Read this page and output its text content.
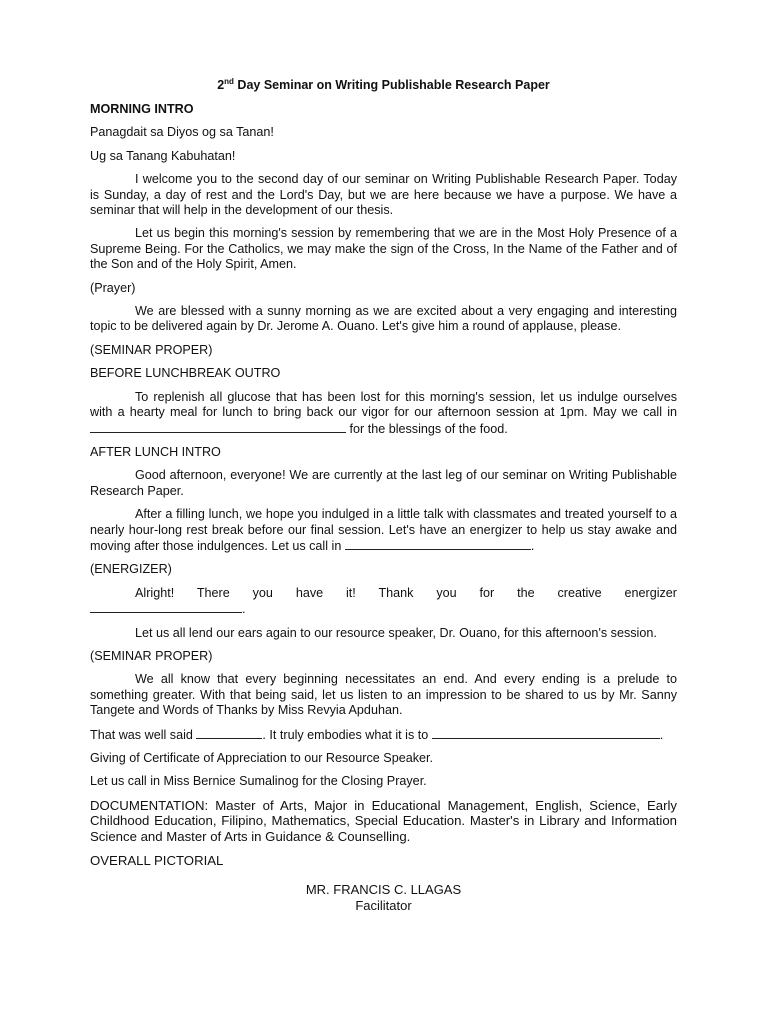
2nd Day Seminar on Writing Publishable Research Paper

MORNING INTRO

Panagdait sa Diyos og sa Tanan!

Ug sa Tanang Kabuhatan!

I welcome you to the second day of our seminar on Writing Publishable Research Paper. Today is Sunday, a day of rest and the Lord's Day, but we are here because we have a purpose. We have a seminar that will help in the development of our thesis.

Let us begin this morning's session by remembering that we are in the Most Holy Presence of a Supreme Being. For the Catholics, we may make the sign of the Cross, In the Name of the Father and of the Son and of the Holy Spirit, Amen.

(Prayer)

We are blessed with a sunny morning as we are excited about a very engaging and interesting topic to be delivered again by Dr. Jerome A. Ouano. Let's give him a round of applause, please.

(SEMINAR PROPER)

BEFORE LUNCHBREAK OUTRO

To replenish all glucose that has been lost for this morning's session, let us indulge ourselves with a hearty meal for lunch to bring back our vigor for our afternoon session at 1pm. May we call in  for the blessings of the food.

AFTER LUNCH INTRO

Good afternoon, everyone! We are currently at the last leg of our seminar on Writing Publishable Research Paper.

After a filling lunch, we hope you indulged in a little talk with classmates and treated yourself to a nearly hour-long rest break before our final session. Let's have an energizer to help us stay awake and moving after those indulgences. Let us call in	.

(ENERGIZER)

Alright! There you have it! Thank you for the creative energizer

.

Let us all lend our ears again to our resource speaker, Dr. Ouano, for this afternoon's session.

(SEMINAR PROPER)

We all know that every beginning necessitates an end. And every ending is a prelude to something greater. With that being said, let us listen to an impression to be shared to us by Mr. Sanny Tangete and Words of Thanks by Miss Revyia Apduhan.

That was well said	. It truly embodies what it is to	.

Giving of Certificate of Appreciation to our Resource Speaker.

Let us call in Miss Bernice Sumalinog for the Closing Prayer.

DOCUMENTATION: Master of Arts, Major in Educational Management, English, Science, Early Childhood Education, Filipino, Mathematics, Special Education. Master's in Library and Information Science and Master of Arts in Guidance & Counselling.

OVERALL PICTORIAL

MR. FRANCIS C. LLAGAS
Facilitator
